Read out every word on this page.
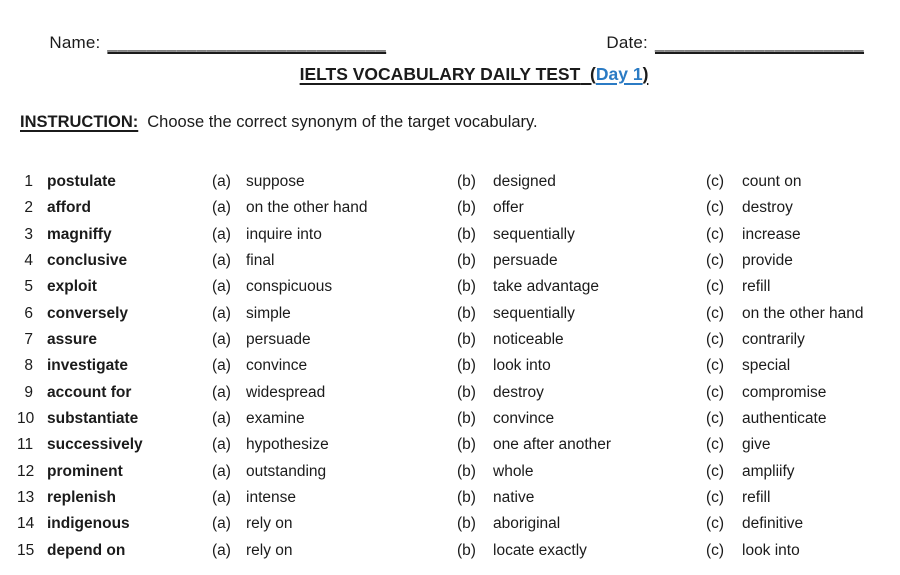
Name: ____________________________
	Date: _____________________

IELTS VOCABULARY DAILY TEST  (Day 1)

INSTRUCTION: Choose the correct synonym of the target vocabulary.

1 postulate	(a) suppose	(b)	designed	(c)	count on
2 afford	(a) on the other hand	(b)	offer	(c)	destroy
3 magniffy	(a) inquire into	(b)	sequentially	(c)	increase
4 conclusive	(a) final	(b)	persuade	(c)	provide
5 exploit	(a) conspicuous	(b)	take advantage	(c)	refill
6 conversely	(a) simple	(b)	sequentially	(c)	on the other hand
7 assure	(a) persuade	(b)	noticeable	(c)	contrarily
8 investigate	(a) convince	(b)	look into	(c)	special
9 account for	(a) widespread	(b)	destroy	(c)	compromise
10 substantiate	(a) examine	(b)	convince	(c)	authenticate
11 successively	(a) hypothesize	(b)	one after another	(c)	give
12 prominent	(a) outstanding	(b)	whole	(c)	ampliify
13 replenish	(a) intense	(b)	native	(c)	refill
14 indigenous	(a) rely on	(b)	aboriginal	(c)	definitive
15 depend on	(a) rely on	(b)	locate exactly	(c)	look into
